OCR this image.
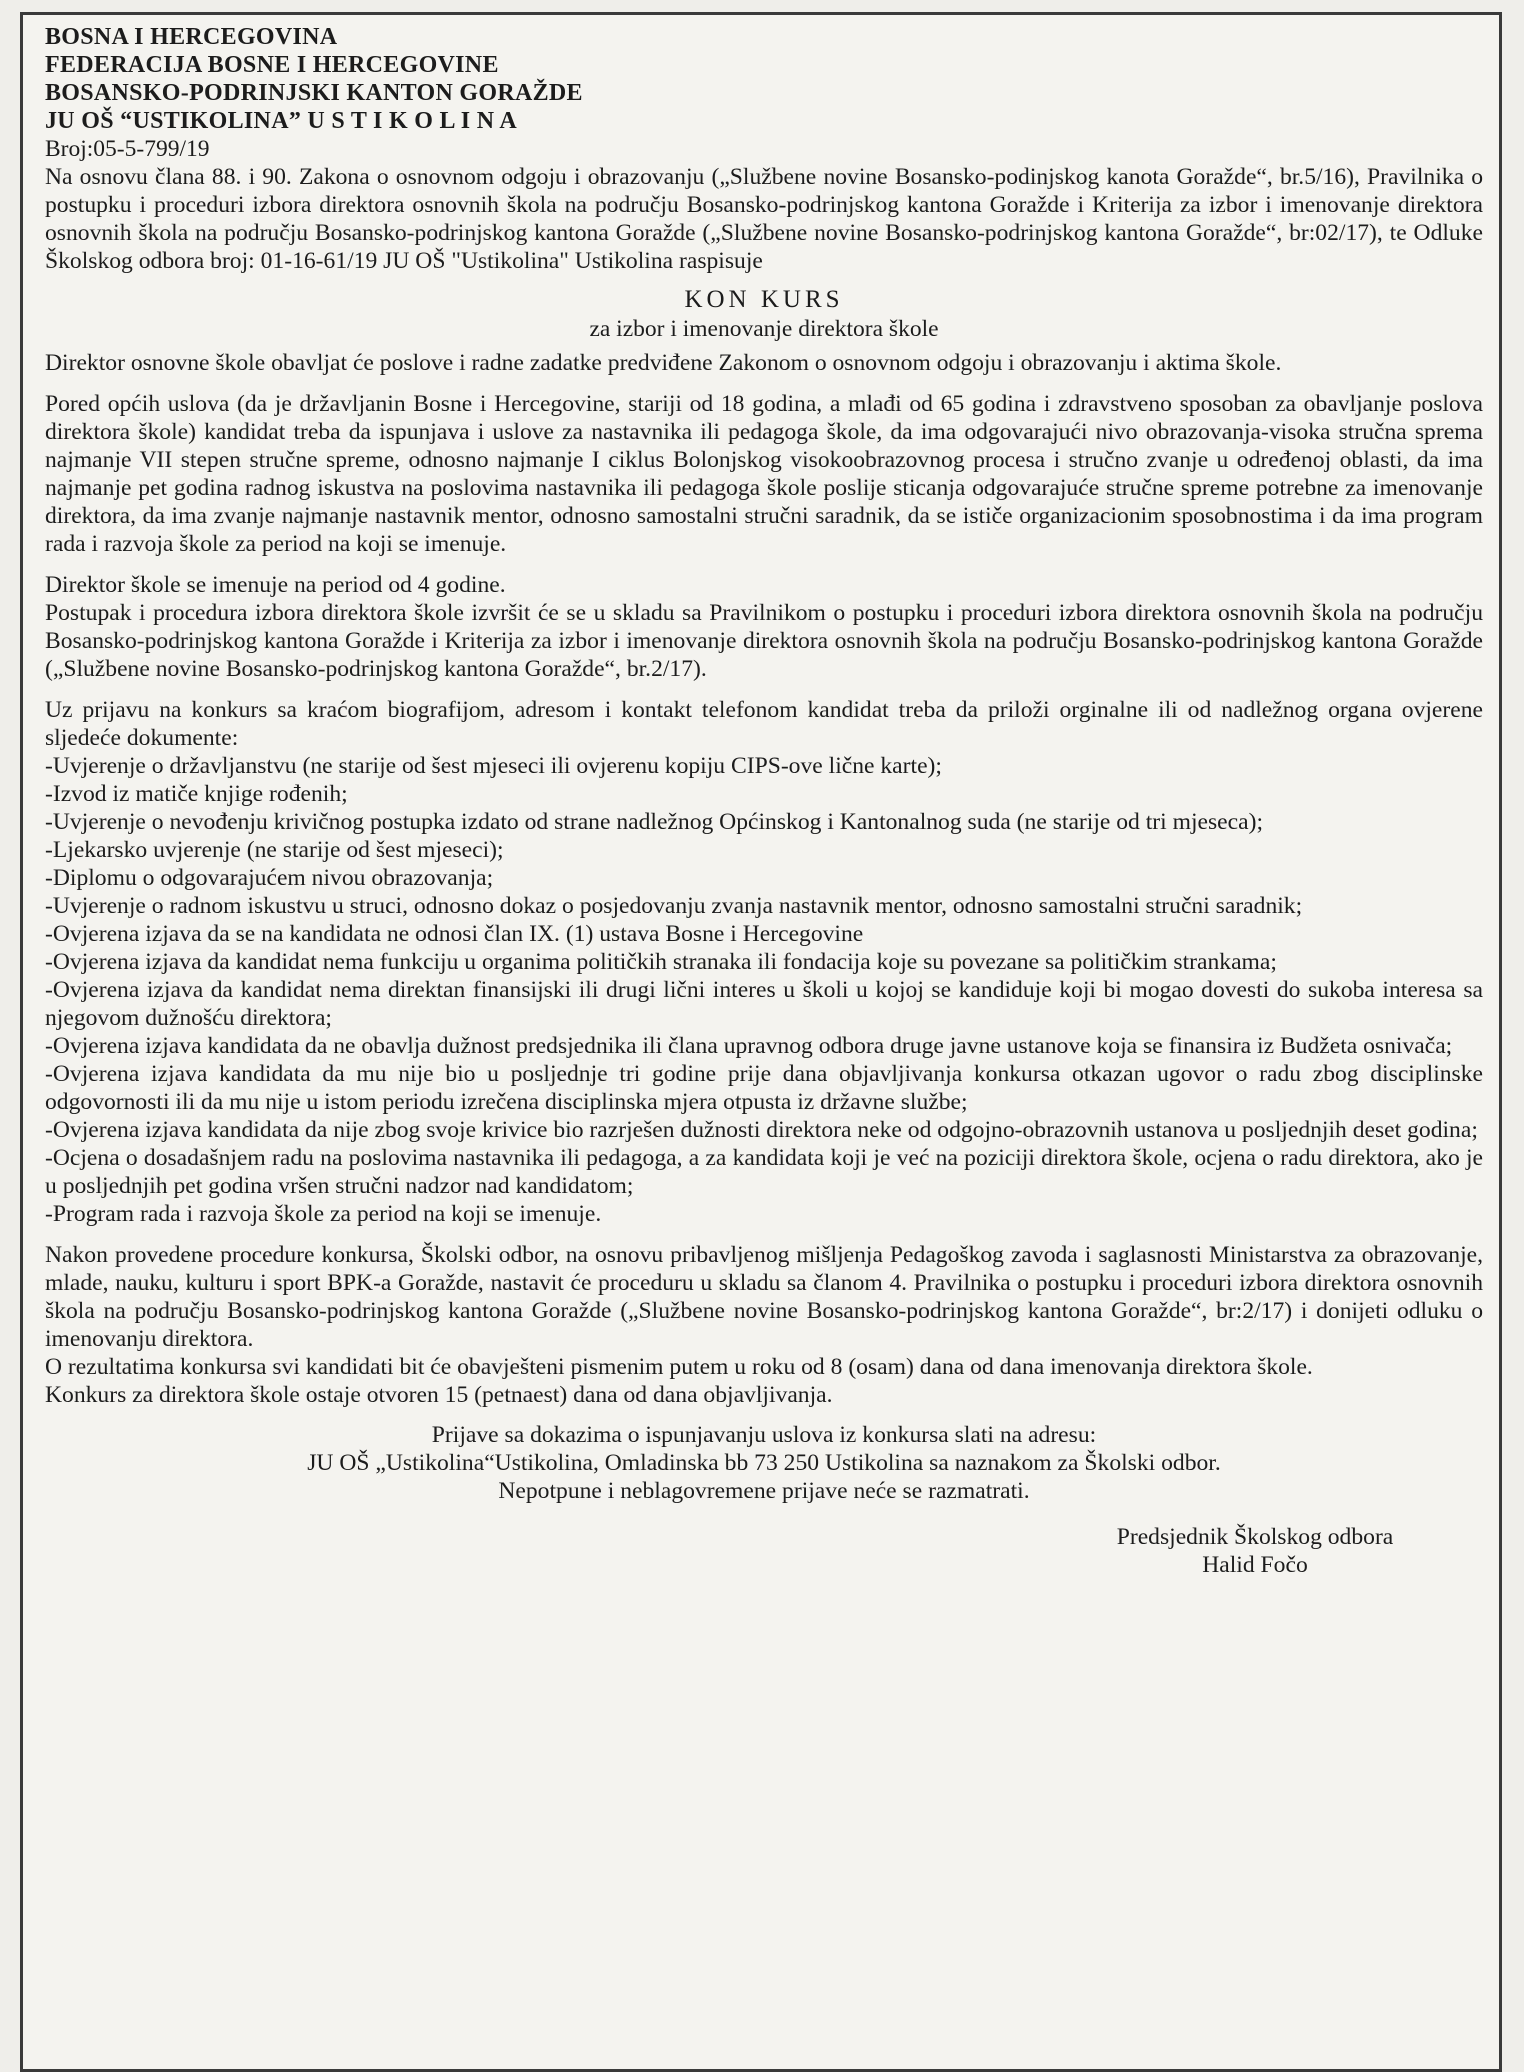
BOSNA I HERCEGOVINA
FEDERACIJA BOSNE I HERCEGOVINE
BOSANSKO-PODRINJSKI KANTON GORAŽDE
JU OŠ “USTIKOLINA” U S T I K O L I N A
Broj:05-5-799/19

Na osnovu člana 88. i 90. Zakona o osnovnom odgoju i obrazovanju („Službene novine Bosansko-podinjskog kanota Goražde“, br.5/16), Pravilnika o postupku i proceduri izbora direktora osnovnih škola na području Bosansko-podrinjskog kantona Goražde i Kriterija za izbor i imenovanje direktora osnovnih škola na području Bosansko-podrinjskog kantona Goražde („Službene novine Bosansko-podrinjskog kantona Goražde“, br:02/17), te Odluke Školskog odbora broj: 01-16-61/19 JU OŠ "Ustikolina" Ustikolina raspisuje

KON KURS
za izbor i imenovanje direktora škole

Direktor osnovne škole obavljat će poslove i radne zadatke predviđene Zakonom o osnovnom odgoju i obrazovanju i aktima škole.

Pored općih uslova (da je državljanin Bosne i Hercegovine, stariji od 18 godina, a mlađi od 65 godina i zdravstveno sposoban za obavljanje poslova direktora škole) kandidat treba da ispunjava i uslove za nastavnika ili pedagoga škole, da ima odgovarajući nivo obrazovanja-visoka stručna sprema najmanje VII stepen stručne spreme, odnosno najmanje I ciklus Bolonjskog visokoobrazovnog procesa i stručno zvanje u određenoj oblasti, da ima najmanje pet godina radnog iskustva na poslovima nastavnika ili pedagoga škole poslije sticanja odgovarajuće stručne spreme potrebne za imenovanje direktora, da ima zvanje najmanje nastavnik mentor, odnosno samostalni stručni saradnik, da se ističe organizacionim sposobnostima i da ima program rada i razvoja škole za period na koji se imenuje.

Direktor škole se imenuje na period od 4 godine.

Postupak i procedura izbora direktora škole izvršit će se u skladu sa Pravilnikom o postupku i proceduri izbora direktora osnovnih škola na području Bosansko-podrinjskog kantona Goražde i Kriterija za izbor i imenovanje direktora osnovnih škola na području Bosansko-podrinjskog kantona Goražde („Službene novine Bosansko-podrinjskog kantona Goražde“, br.2/17).

Uz prijavu na konkurs sa kraćom biografijom, adresom i kontakt telefonom kandidat treba da priloži orginalne ili od nadležnog organa ovjerene sljedeće dokumente:

-Uvjerenje o državljanstvu (ne starije od šest mjeseci ili ovjerenu kopiju CIPS-ove lične karte);

-Izvod iz matiče knjige rođenih;

-Uvjerenje o nevođenju krivičnog postupka izdato od strane nadležnog Općinskog i Kantonalnog suda (ne starije od tri mjeseca);

-Ljekarsko uvjerenje (ne starije od šest mjeseci);

-Diplomu o odgovarajućem nivou obrazovanja;

-Uvjerenje o radnom iskustvu u struci, odnosno dokaz o posjedovanju zvanja nastavnik mentor, odnosno samostalni stručni saradnik;

-Ovjerena izjava da se na kandidata ne odnosi član IX. (1) ustava Bosne i Hercegovine

-Ovjerena izjava da kandidat nema funkciju u organima političkih stranaka ili fondacija koje su povezane sa političkim strankama;

-Ovjerena izjava da kandidat nema direktan finansijski ili drugi lični interes u školi u kojoj se kandiduje koji bi mogao dovesti do sukoba interesa sa njegovom dužnošću direktora;

-Ovjerena izjava kandidata da ne obavlja dužnost predsjednika ili člana upravnog odbora druge javne ustanove koja se finansira iz Budžeta osnivača;

-Ovjerena izjava kandidata da mu nije bio u posljednje tri godine prije dana objavljivanja konkursa otkazan ugovor o radu zbog disciplinske odgovornosti ili da mu nije u istom periodu izrečena disciplinska mjera otpusta iz državne službe;

-Ovjerena izjava kandidata da nije zbog svoje krivice bio razrješen dužnosti direktora neke od odgojno-obrazovnih ustanova u posljednjih deset godina;

-Ocjena o dosadašnjem radu na poslovima nastavnika ili pedagoga, a za kandidata koji je već na poziciji direktora škole, ocjena o radu direktora, ako je u posljednjih pet godina vršen stručni nadzor nad kandidatom;

-Program rada i razvoja škole za period na koji se imenuje.

Nakon provedene procedure konkursa, Školski odbor, na osnovu pribavljenog mišljenja Pedagoškog zavoda i saglasnosti Ministarstva za obrazovanje, mlade, nauku, kulturu i sport BPK-a Goražde, nastavit će proceduru u skladu sa članom 4. Pravilnika o postupku i proceduri izbora direktora osnovnih škola na području Bosansko-podrinjskog kantona Goražde („Službene novine Bosansko-podrinjskog kantona Goražde“, br:2/17) i donijeti odluku o imenovanju direktora.

O rezultatima konkursa svi kandidati bit će obavješteni pismenim putem u roku od 8 (osam) dana od dana imenovanja direktora škole.

Konkurs za direktora škole ostaje otvoren 15 (petnaest) dana od dana objavljivanja.

Prijave sa dokazima o ispunjavanju uslova iz konkursa slati na adresu:
JU OŠ „Ustikolina“Ustikolina, Omladinska bb 73 250 Ustikolina sa naznakom za Školski odbor.
Nepotpune i neblagovremene prijave neće se razmatrati.
Predsjednik Školskog odbora
Halid Fočo
